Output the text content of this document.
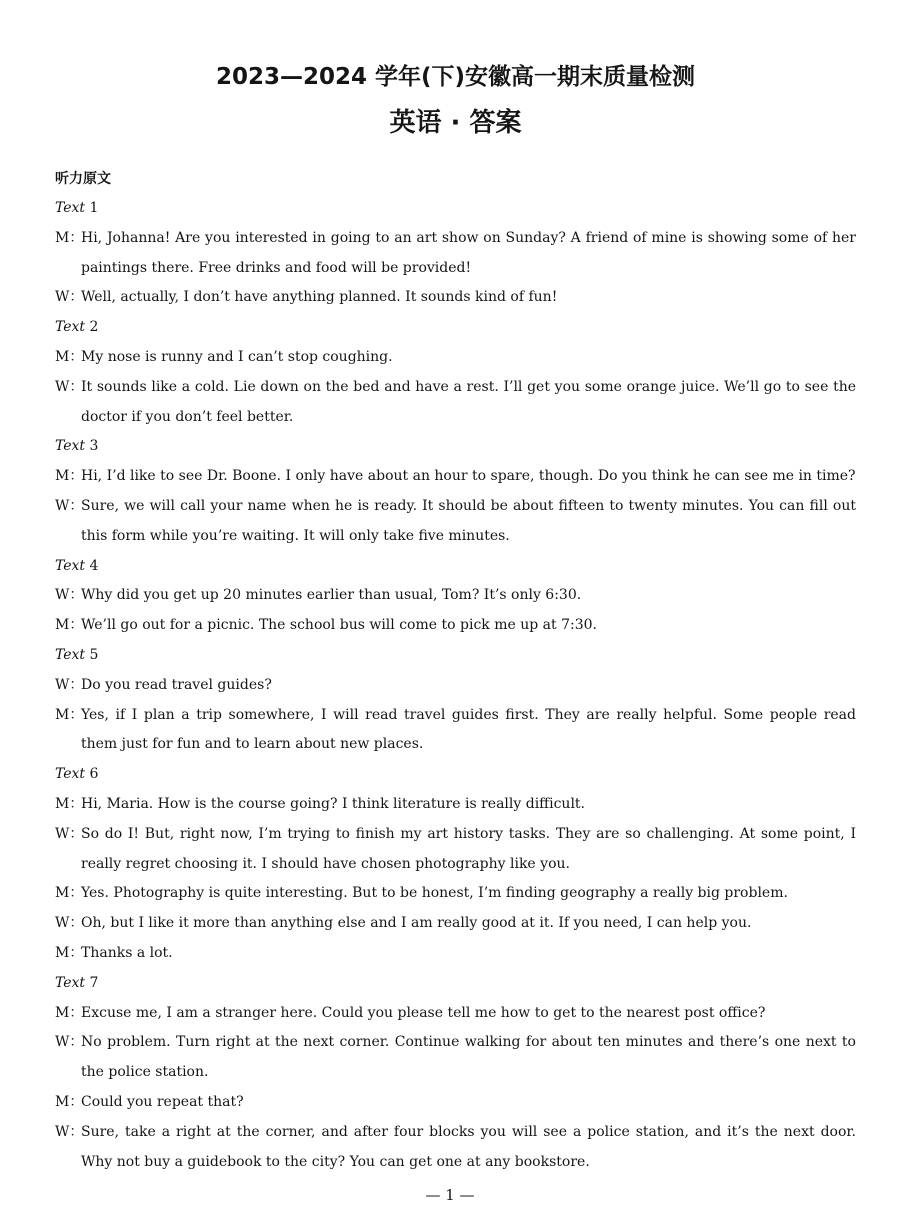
2023—2024 学年(下)安徽高一期末质量检测
英语 · 答案
听力原文
Text 1
M：
Hi, Johanna! Are you interested in going to an art show on Sunday? A friend of mine is showing some of her paintings there. Free drinks and food will be provided!
W：
Well, actually, I don’t have anything planned. It sounds kind of fun!
Text 2
M：
My nose is runny and I can’t stop coughing.
W：
It sounds like a cold. Lie down on the bed and have a rest. I’ll get you some orange juice. We’ll go to see the doctor if you don’t feel better.
Text 3
M：
Hi, I’d like to see Dr. Boone. I only have about an hour to spare, though. Do you think he can see me in time?
W：
Sure, we will call your name when he is ready. It should be about fifteen to twenty minutes. You can fill out this form while you’re waiting. It will only take five minutes.
Text 4
W：
Why did you get up 20 minutes earlier than usual, Tom? It’s only 6:30.
M：
We’ll go out for a picnic. The school bus will come to pick me up at 7:30.
Text 5
W：
Do you read travel guides?
M：
Yes, if I plan a trip somewhere, I will read travel guides first. They are really helpful. Some people read them just for fun and to learn about new places.
Text 6
M：
Hi, Maria. How is the course going? I think literature is really difficult.
W：
So do I! But, right now, I’m trying to finish my art history tasks. They are so challenging. At some point, I really regret choosing it. I should have chosen photography like you.
M：
Yes. Photography is quite interesting. But to be honest, I’m finding geography a really big problem.
W：
Oh, but I like it more than anything else and I am really good at it. If you need, I can help you.
M：
Thanks a lot.
Text 7
M：
Excuse me, I am a stranger here. Could you please tell me how to get to the nearest post office?
W：
No problem. Turn right at the next corner. Continue walking for about ten minutes and there’s one next to the police station.
M：
Could you repeat that?
W：
Sure, take a right at the corner, and after four blocks you will see a police station, and it’s the next door. Why not buy a guidebook to the city? You can get one at any bookstore.
— 1 —
